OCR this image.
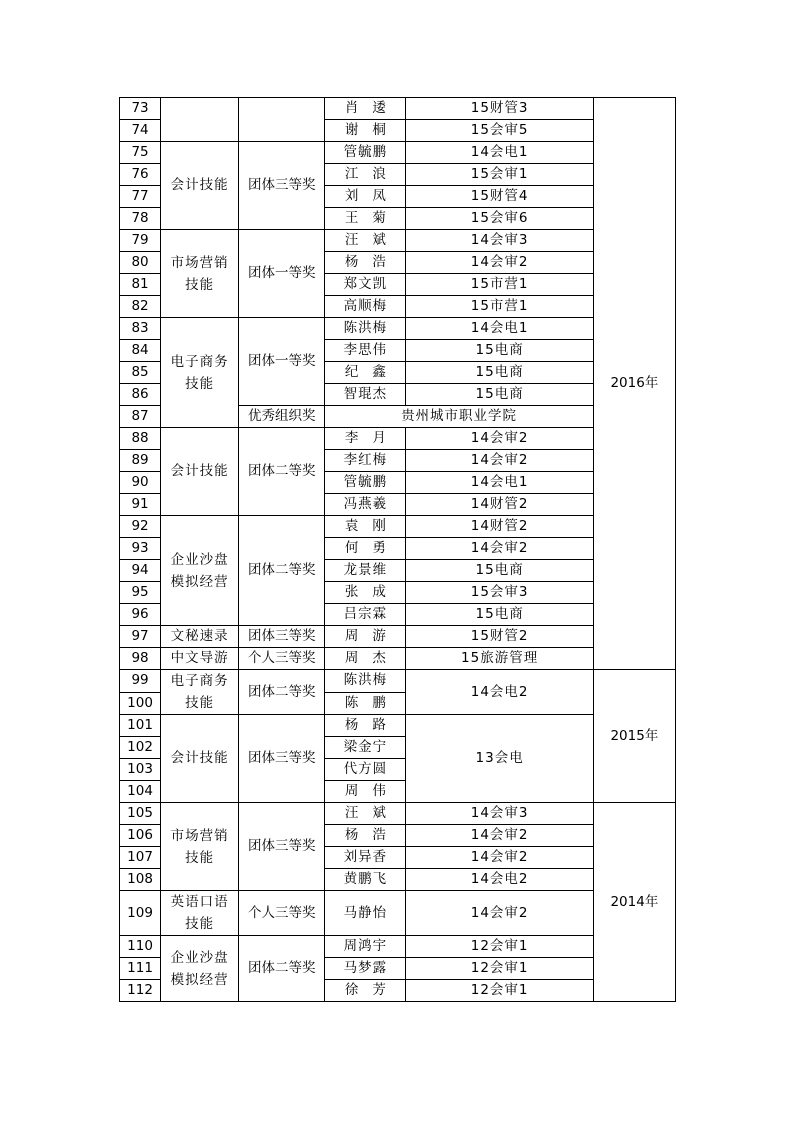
73			肖逶	15财管3	2016年
74			谢桐	15会审5	
75	会计技能	团体三等奖	管毓鹏	14会电1	
76			江浪	15会审1	
77			刘凤	15财管4	
78			王菊	15会审6	
79	市场营销技能	团体一等奖	汪斌	14会审3	
80			杨浩	14会审2	
81			郑文凯	15市营1	
82			高顺梅	15市营1	
83	电子商务技能	团体一等奖	陈洪梅	14会电1	
84			李思伟	15电商	
85			纪鑫	15电商	
86			智琨杰	15电商	
87		优秀组织奖	贵州城市职业学院		
88	会计技能	团体二等奖	李月	14会审2	
89			李红梅	14会审2	
90			管毓鹏	14会电1	
91			冯燕羲	14财管2	
92	企业沙盘模拟经营	团体二等奖	袁刚	14财管2	
93			何勇	14会审2	
94			龙景维	15电商	
95			张成	15会审3	
96			吕宗霖	15电商	
97	文秘速录	团体三等奖	周游	15财管2	
98	中文导游	个人三等奖	周杰	15旅游管理	
99	电子商务技能	团体二等奖	陈洪梅	14会电2	2015年
100			陈鹏		
101	会计技能	团体三等奖	杨路	13会电	
102			梁金宁		
103			代方圆		
104			周伟		
105	市场营销技能	团体三等奖	汪斌	14会审3	2014年
106			杨浩	14会审2	
107			刘异香	14会审2	
108			黄鹏飞	14会电2	
109	英语口语技能	个人三等奖	马静怡	14会审2	
110	企业沙盘模拟经营	团体二等奖	周鸿宇	12会审1	
111			马梦露	12会审1	
112			徐芳	12会审1	
